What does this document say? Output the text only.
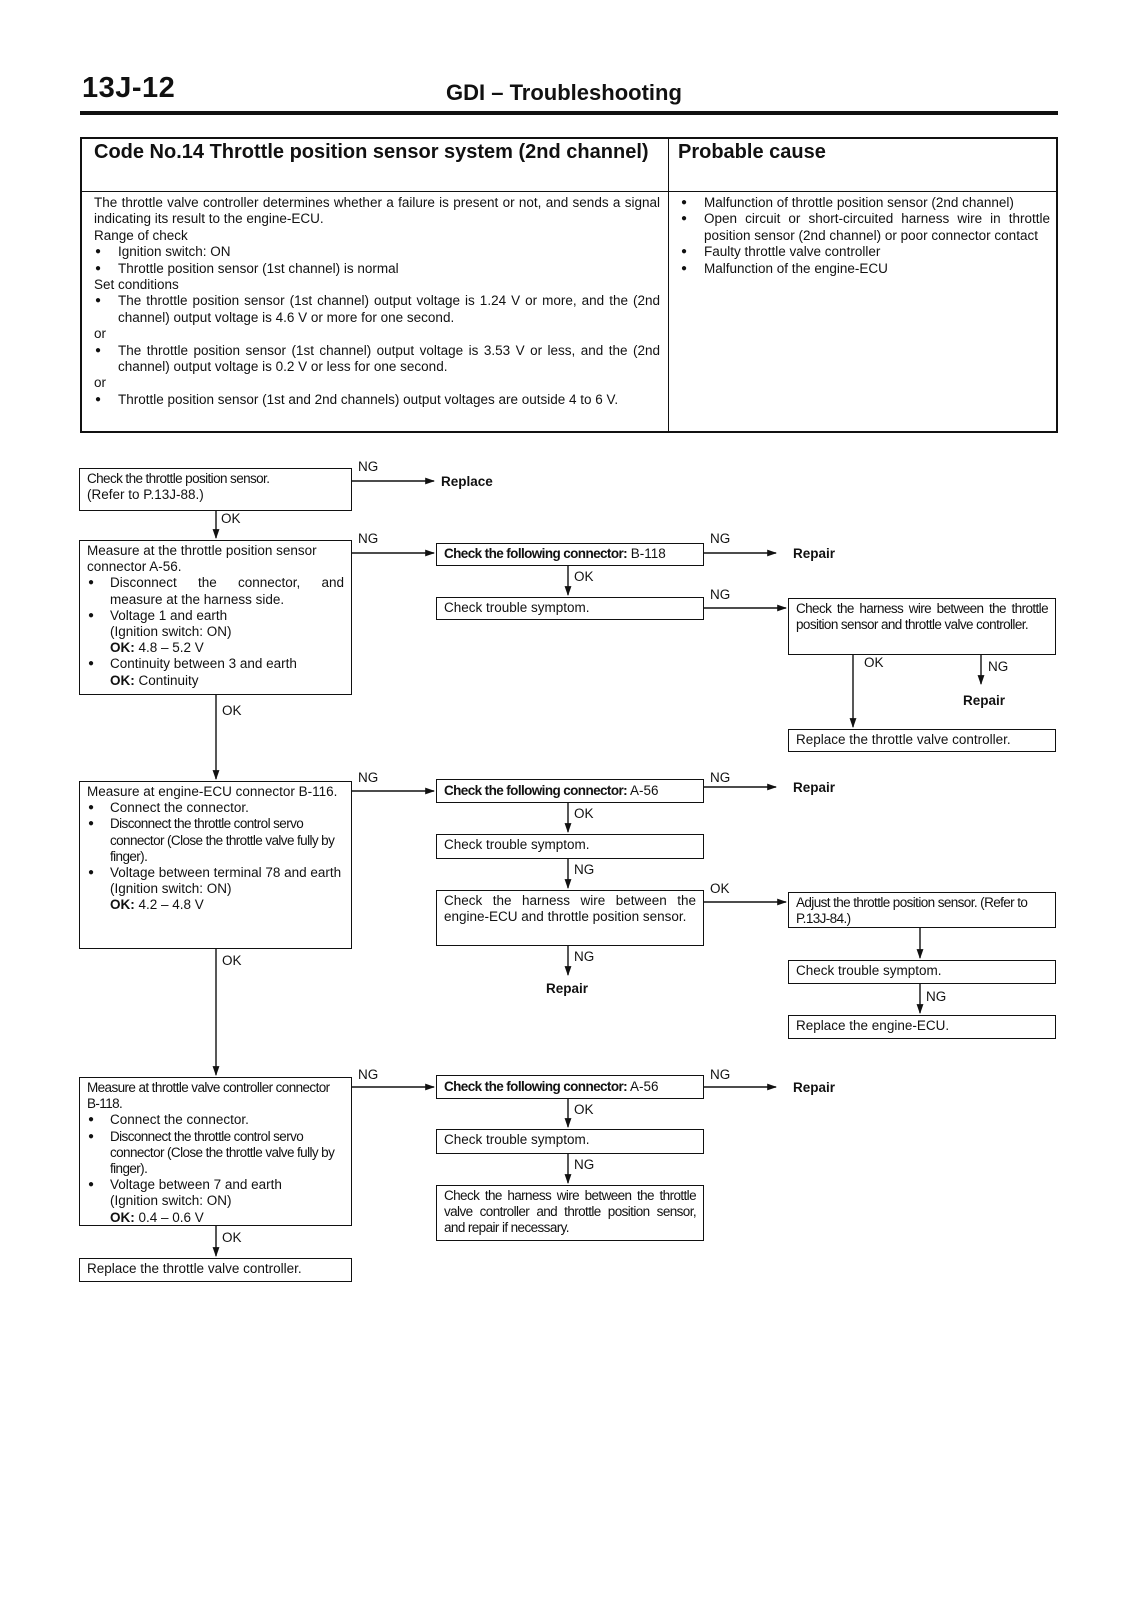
13J-12	GDI – Troubleshooting
Code No.14 Throttle position sensor system (2nd channel)	Probable cause
The throttle valve controller determines whether a failure is present or not, and sends a signal indicating its result to the engine-ECU.
Range of check
● Ignition switch: ON
● Throttle position sensor (1st channel) is normal
Set conditions
● The throttle position sensor (1st channel) output voltage is 1.24 V or more, and the (2nd channel) output voltage is 4.6 V or more for one second.
or
● The throttle position sensor (1st channel) output voltage is 3.53 V or less, and the (2nd channel) output voltage is 0.2 V or less for one second.
or
● Throttle position sensor (1st and 2nd channels) output voltages are outside 4 to 6 V.
● Malfunction of throttle position sensor (2nd channel)
● Open circuit or short-circuited harness wire in throttle position sensor (2nd channel) or poor connector contact
● Faulty throttle valve controller
● Malfunction of the engine-ECU
Check the throttle position sensor.
(Refer to P.13J-88.)
NG
Replace
OK
Measure at the throttle position sensor connector A-56.
● Disconnect the connector, and measure at the harness side.
● Voltage 1 and earth
(Ignition switch: ON)
OK: 4.8 – 5.2 V
● Continuity between 3 and earth
OK: Continuity
NG
Check the following connector: B-118
NG
Repair
OK
Check trouble symptom.
NG
Check the harness wire between the throttle position sensor and throttle valve controller.
OK	NG
Repair
Replace the throttle valve controller.
OK
Measure at engine-ECU connector B-116.
● Connect the connector.
● Disconnect the throttle control servo connector (Close the throttle valve fully by finger).
● Voltage between terminal 78 and earth
(Ignition switch: ON)
OK: 4.2 – 4.8 V
NG
Check the following connector: A-56
NG
Repair
OK
Check trouble symptom.
NG
Check the harness wire between the engine-ECU and throttle position sensor.
OK
Adjust the throttle position sensor. (Refer to P.13J-84.)
NG
Repair
Check trouble symptom.
NG
Replace the engine-ECU.
OK
Measure at throttle valve controller connector B-118.
● Connect the connector.
● Disconnect the throttle control servo connector (Close the throttle valve fully by finger).
● Voltage between 7 and earth
(Ignition switch: ON)
OK: 0.4 – 0.6 V
NG
Check the following connector: A-56
NG
Repair
OK
Check trouble symptom.
NG
Check the harness wire between the throttle valve controller and throttle position sensor, and repair if necessary.
OK
Replace the throttle valve controller.
